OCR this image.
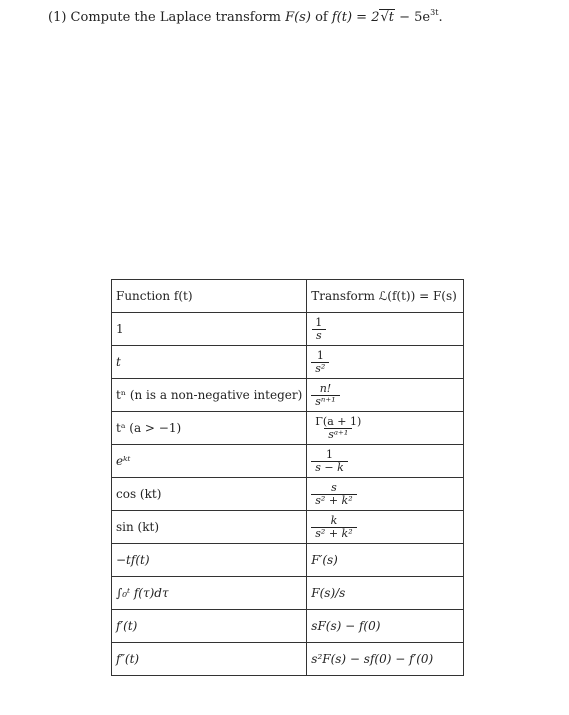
(1) Compute the Laplace transform F(s) of $f(t) = 2√t - 5e^{3t}$.
Function f(t)	Transform ℒ(f(t)) = F(s)
1	$\frac{1}{s}$

t	$\frac{1}{\text{s²}}$

tⁿ (n is a non-negative integer)	$\frac{n!}{\text{sⁿ⁺¹}}$

tᵃ (a > −1)	$\frac{\Gamma(a + 1)}{\text{sᵃ⁺¹}}$

eᵏᵗ	$\frac{1}{s - k}$

cos (kt)	$\frac{s}{\text{s² + k²}}$

sin (kt)	$\frac{k}{\text{s² + k²}}$

−tf(t)	F′(s)
∫₀ᵗ f(τ)dτ	F(s)/s
f′(t)	sF(s) − f(0)
f″(t)	s²F(s) − sf(0) − f′(0)
